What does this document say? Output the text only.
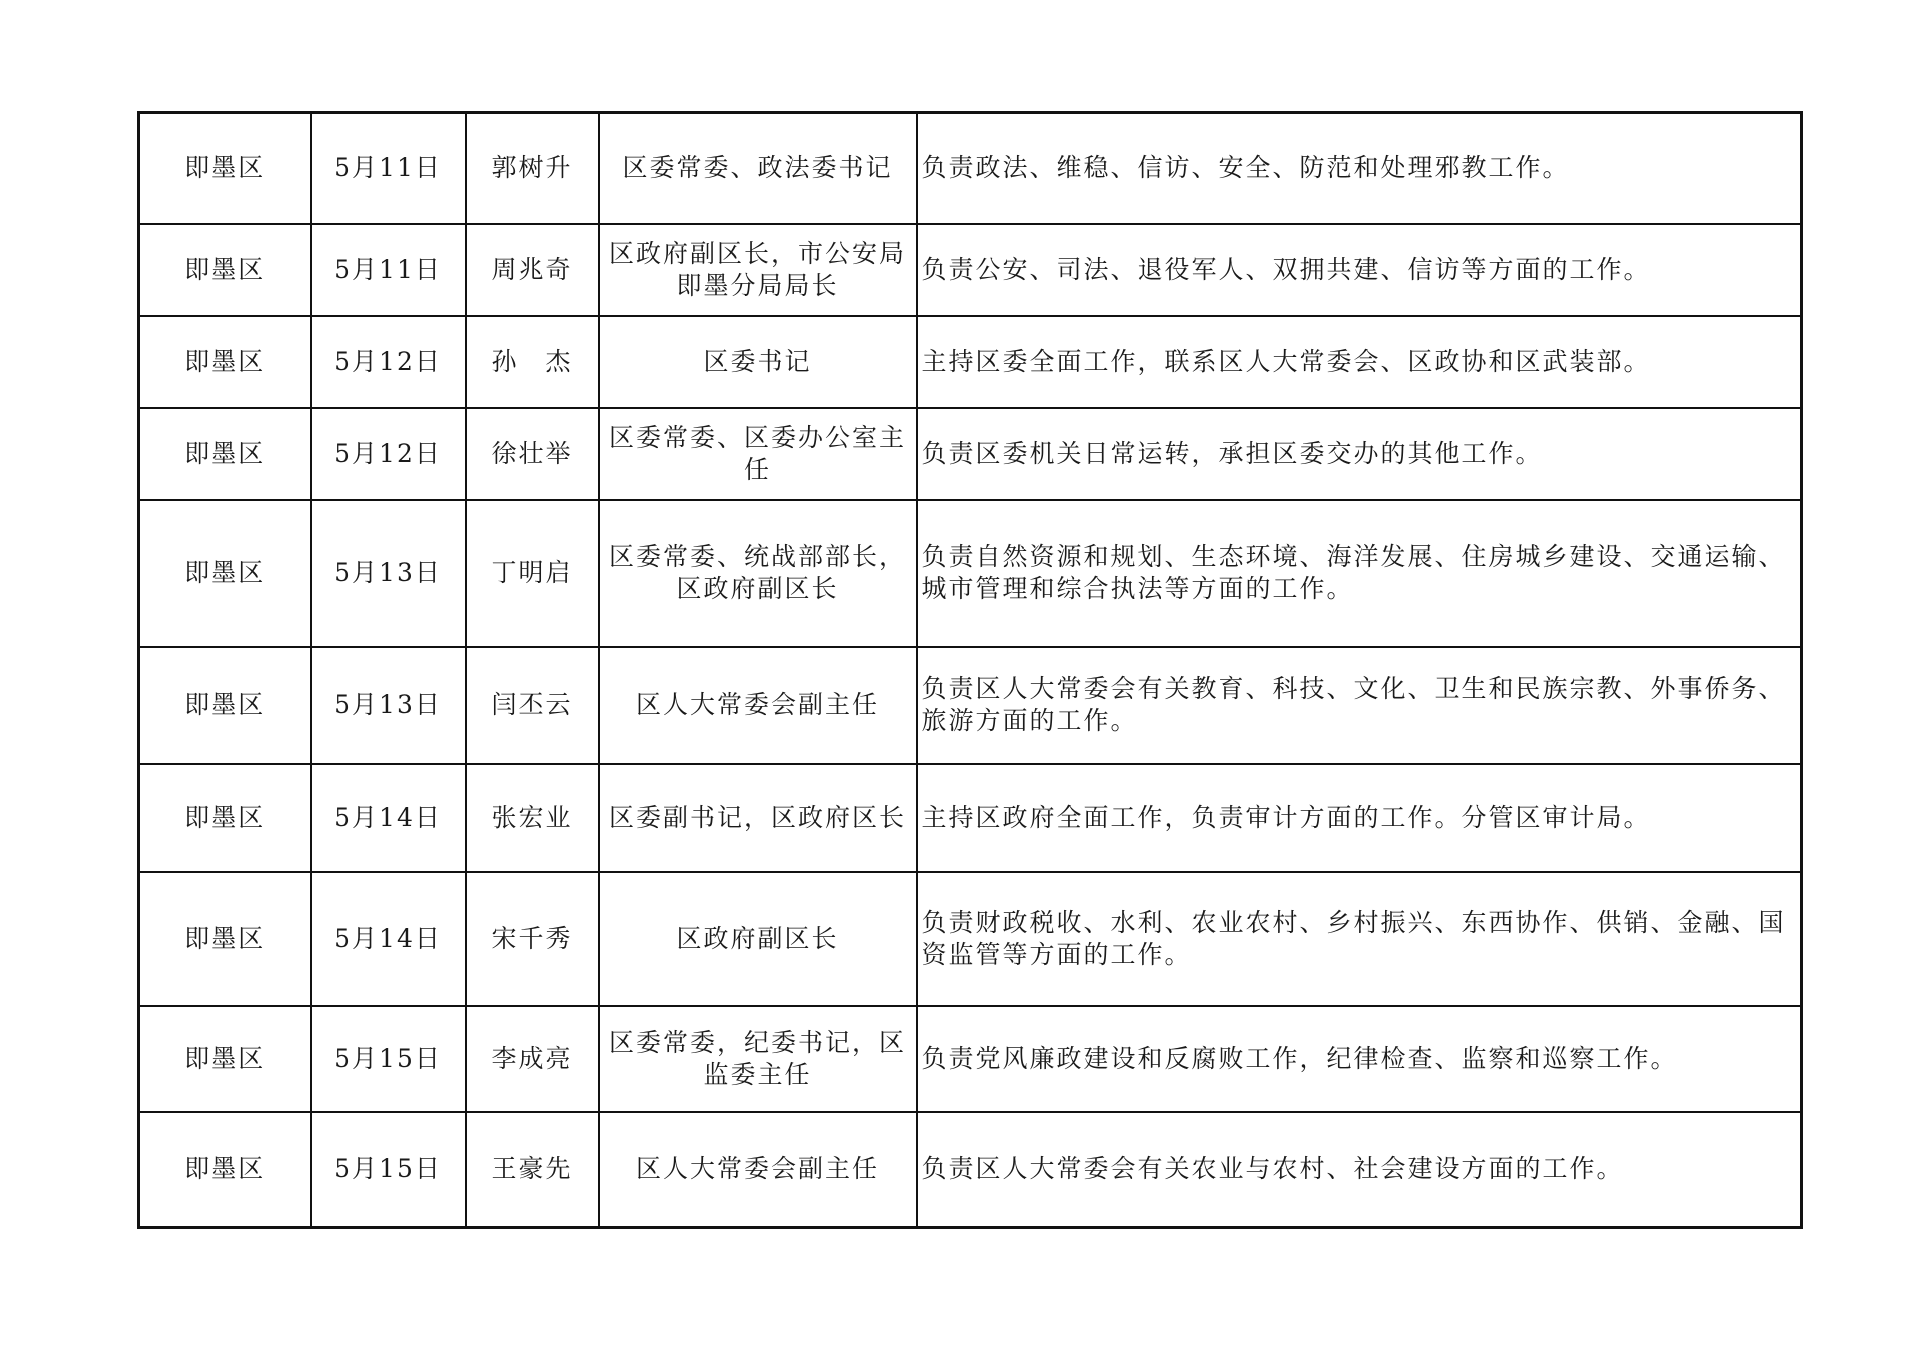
即墨区	5月11日	郭树升	区委常委、政法委书记	负责政法、维稳、信访、安全、防范和处理邪教工作。
即墨区	5月11日	周兆奇	区政府副区长，市公安局即墨分局局长	负责公安、司法、退役军人、双拥共建、信访等方面的工作。
即墨区	5月12日	孙　杰	区委书记	主持区委全面工作，联系区人大常委会、区政协和区武装部。
即墨区	5月12日	徐壮举	区委常委、区委办公室主任	负责区委机关日常运转，承担区委交办的其他工作。
即墨区	5月13日	丁明启	区委常委、统战部部长，区政府副区长	负责自然资源和规划、生态环境、海洋发展、住房城乡建设、交通运输、城市管理和综合执法等方面的工作。
即墨区	5月13日	闫丕云	区人大常委会副主任	负责区人大常委会有关教育、科技、文化、卫生和民族宗教、外事侨务、旅游方面的工作。
即墨区	5月14日	张宏业	区委副书记，区政府区长	主持区政府全面工作，负责审计方面的工作。分管区审计局。
即墨区	5月14日	宋千秀	区政府副区长	负责财政税收、水利、农业农村、乡村振兴、东西协作、供销、金融、国资监管等方面的工作。
即墨区	5月15日	李成亮	区委常委，纪委书记，区监委主任	负责党风廉政建设和反腐败工作，纪律检查、监察和巡察工作。
即墨区	5月15日	王豪先	区人大常委会副主任	负责区人大常委会有关农业与农村、社会建设方面的工作。
